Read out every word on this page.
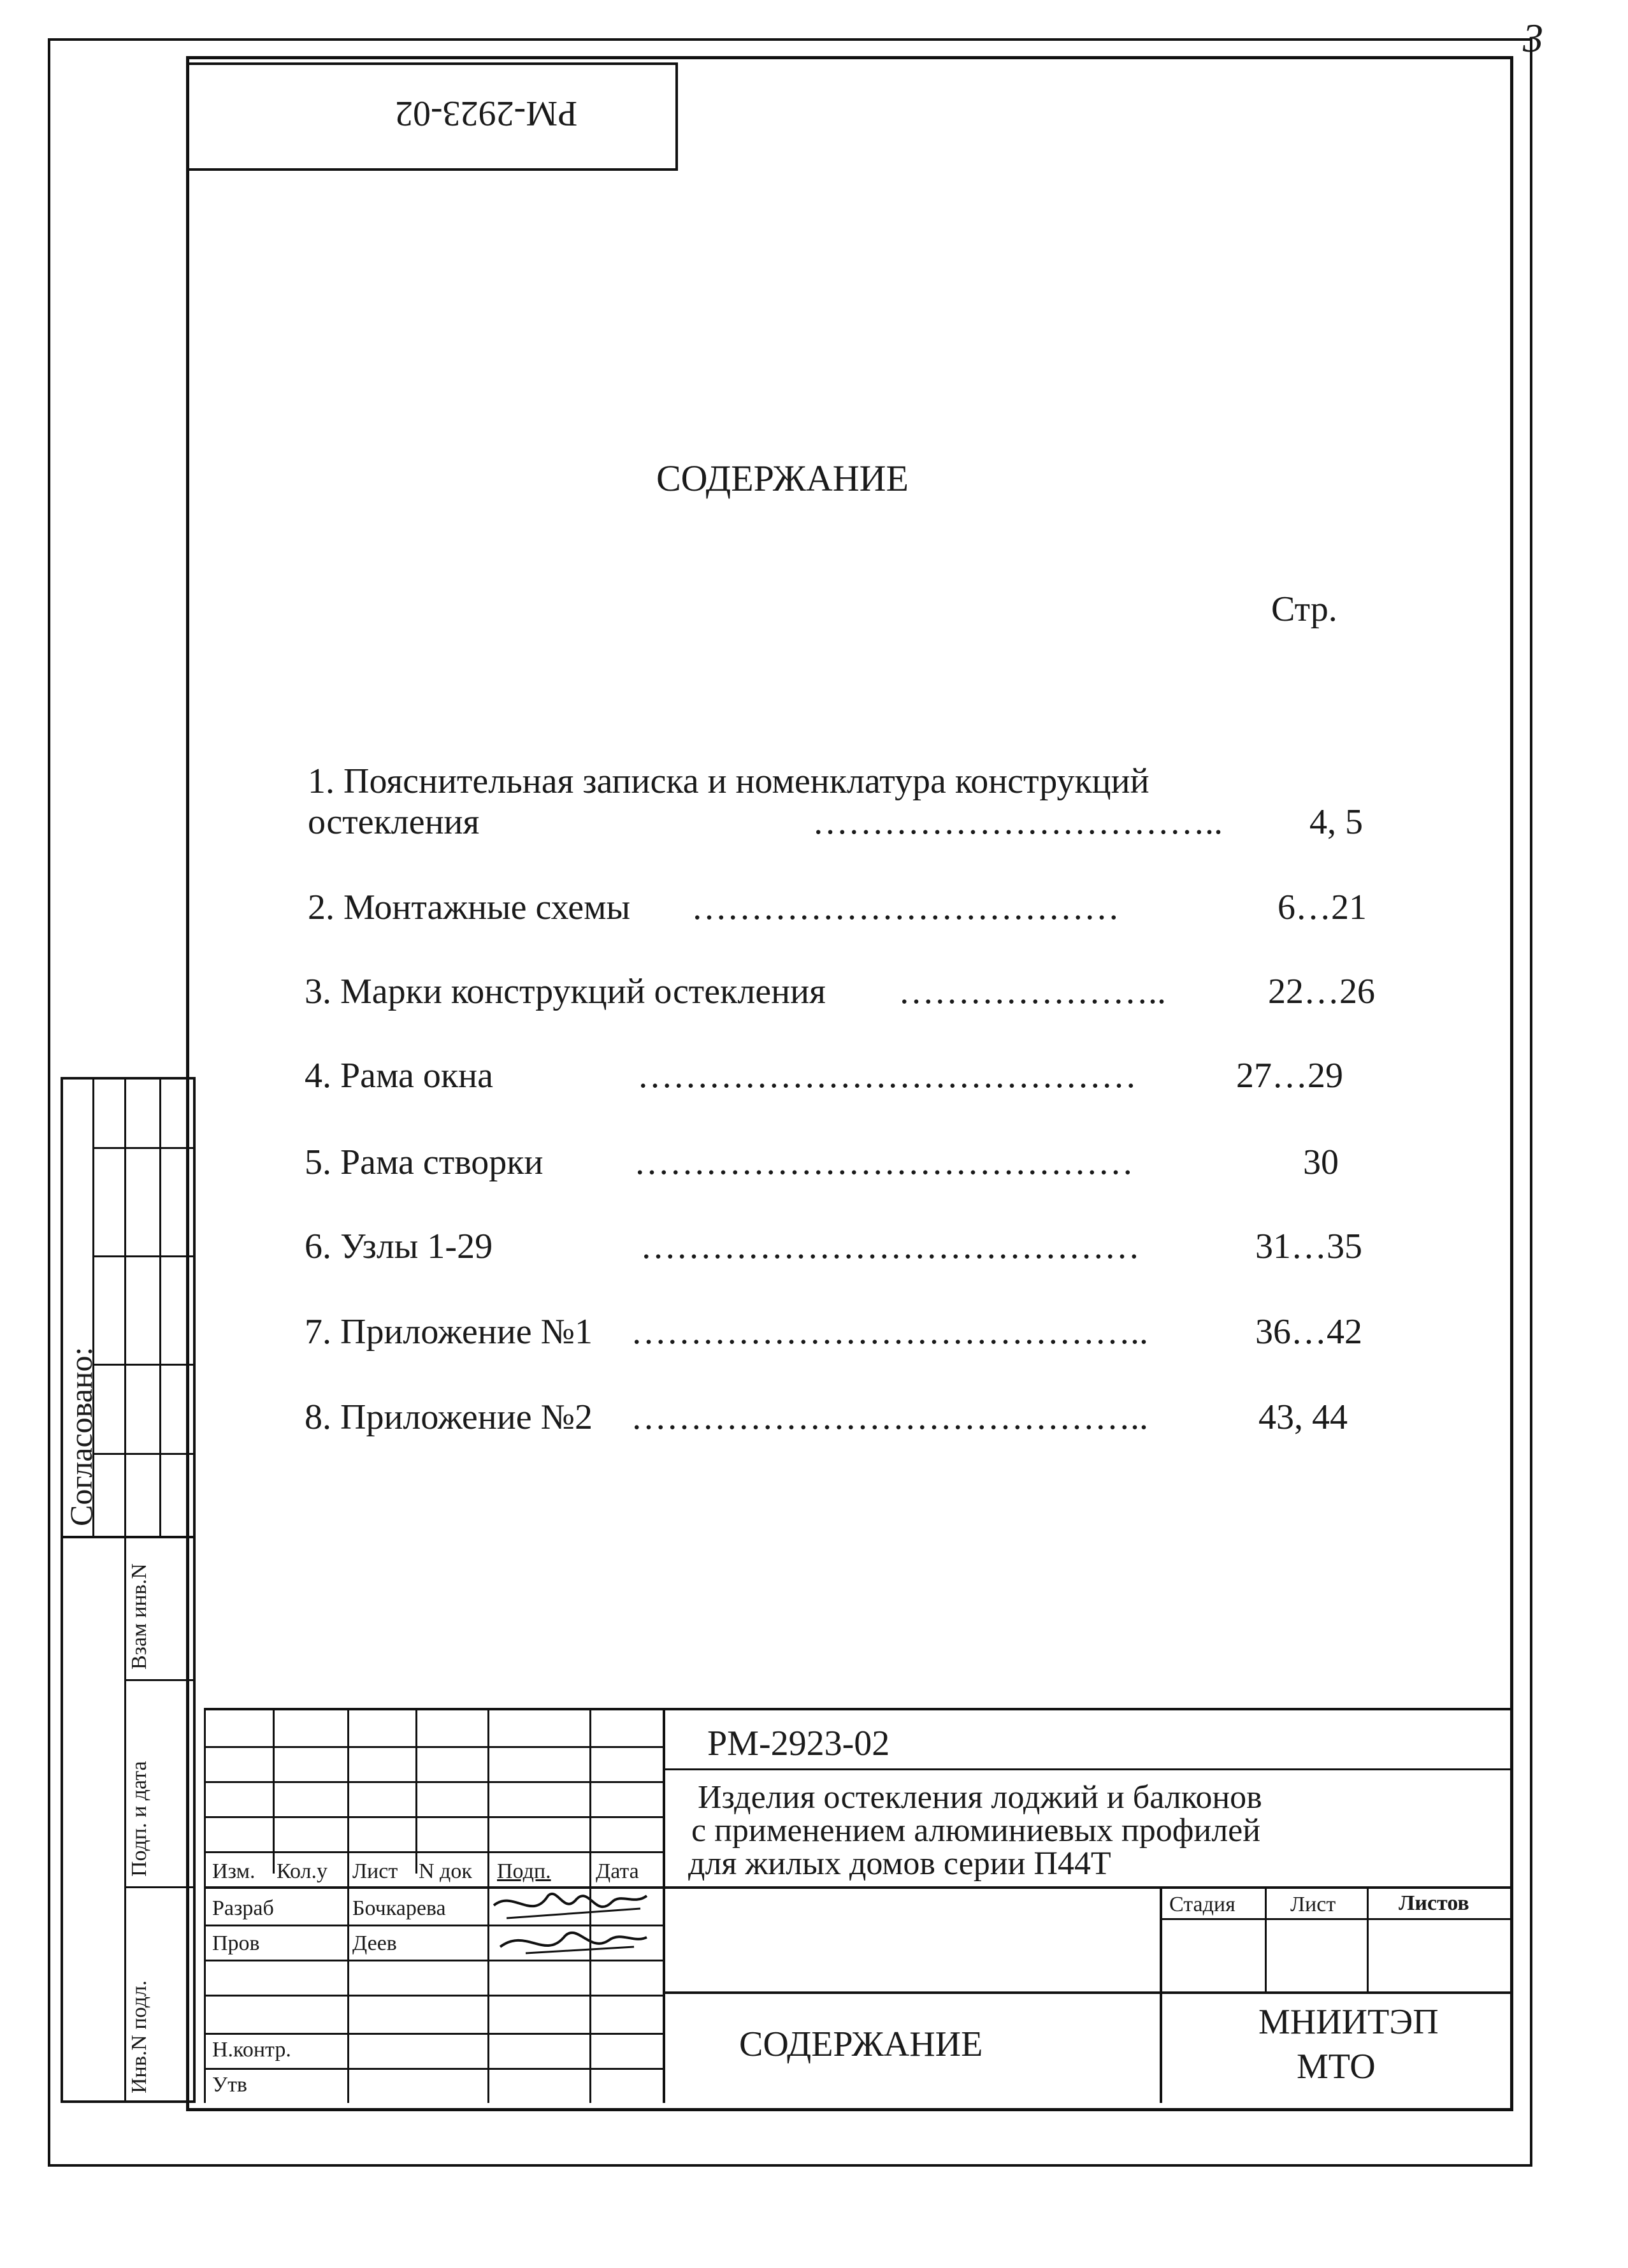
3
РМ-2923-02
СОДЕРЖАНИЕ
Стр.
1. Пояснительная записка и номенклатура конструкций
остекления	…………………………….. 4, 5
2. Монтажные схемы ………………………………	6…21
3. Марки конструкций остекления …………………..	22…26
4. Рама окна	……………………………………	27…29
5. Рама створки	……………………………………	30
6. Узлы 1-29	……………………………………	31…35
7. Приложение №1 ……………………………………..	36…42
8. Приложение №2 ……………………………………..	43, 44
Согласовано:
Взам инв.N
Подп. и дата
Инв.N подл.
Изм. Кол.у Лист N док Подп. Дата
Разраб	Бочкарева
Пров	Деев
Н.контр.
Утв
РМ-2923-02
Изделия остекления лоджий и балконов
с применением алюминиевых профилей
для жилых домов серии П44Т
Стадия	Лист	Листов
СОДЕРЖАНИЕ
МНИИТЭП
МТО
